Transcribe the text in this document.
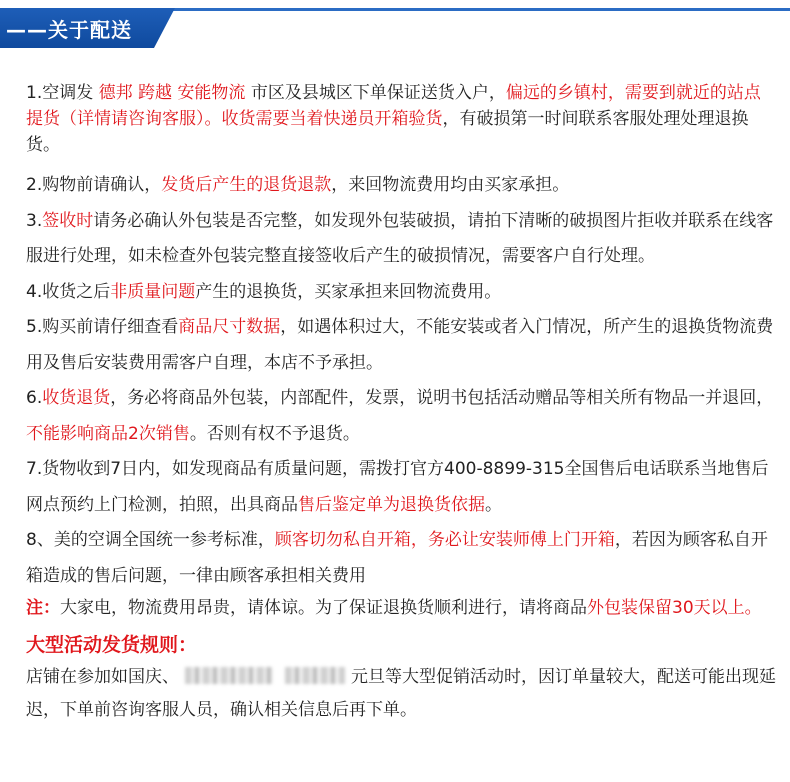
——关于配送

1.空调发 德邦 跨越 安能物流 市区及县城区下单保证送货入户，偏远的乡镇村，需要到就近的站点提货（详情请咨询客服）。收货需要当着快递员开箱验货，有破损第一时间联系客服处理处理退换货。

2.购物前请确认，发货后产生的退货退款，来回物流费用均由买家承担。

3.签收时请务必确认外包装是否完整，如发现外包装破损，请拍下清晰的破损图片拒收并联系在线客服进行处理，如未检查外包装完整直接签收后产生的破损情况，需要客户自行处理。

4.收货之后非质量问题产生的退换货，买家承担来回物流费用。

5.购买前请仔细查看商品尺寸数据，如遇体积过大，不能安装或者入门情况，所产生的退换货物流费用及售后安装费用需客户自理，本店不予承担。

6.收货退货，务必将商品外包装，内部配件，发票，说明书包括活动赠品等相关所有物品一并退回，不能影响商品2次销售。否则有权不予退货。

7.货物收到7日内，如发现商品有质量问题，需拨打官方400-8899-315全国售后电话联系当地售后网点预约上门检测，拍照，出具商品售后鉴定单为退换货依据。

8、美的空调全国统一参考标准，顾客切勿私自开箱，务必让安装师傅上门开箱，若因为顾客私自开箱造成的售后问题，一律由顾客承担相关费用

注：大家电，物流费用昂贵，请体谅。为了保证退换货顺利进行，请将商品外包装保留30天以上。

大型活动发货规则：

店铺在参加如国庆、	元旦等大型促销活动时，因订单量较大，配送可能出现延迟，下单前咨询客服人员，确认相关信息后再下单。
